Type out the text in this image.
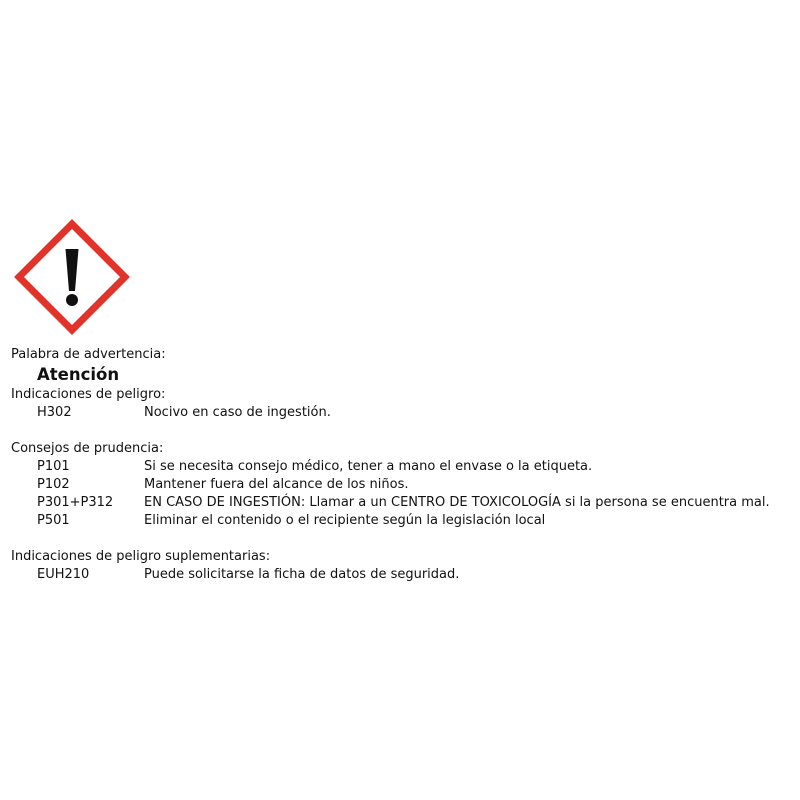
Palabra de advertencia:
Atención
Indicaciones de peligro:
H302	Nocivo en caso de ingestión.
Consejos de prudencia:
P101	Si se necesita consejo médico, tener a mano el envase o la etiqueta.
P102	Mantener fuera del alcance de los niños.
P301+P312	EN CASO DE INGESTIÓN: Llamar a un CENTRO DE TOXICOLOGÍA si la persona se encuentra mal.
P501	Eliminar el contenido o el recipiente según la legislación local
Indicaciones de peligro suplementarias:
EUH210	Puede solicitarse la ficha de datos de seguridad.
